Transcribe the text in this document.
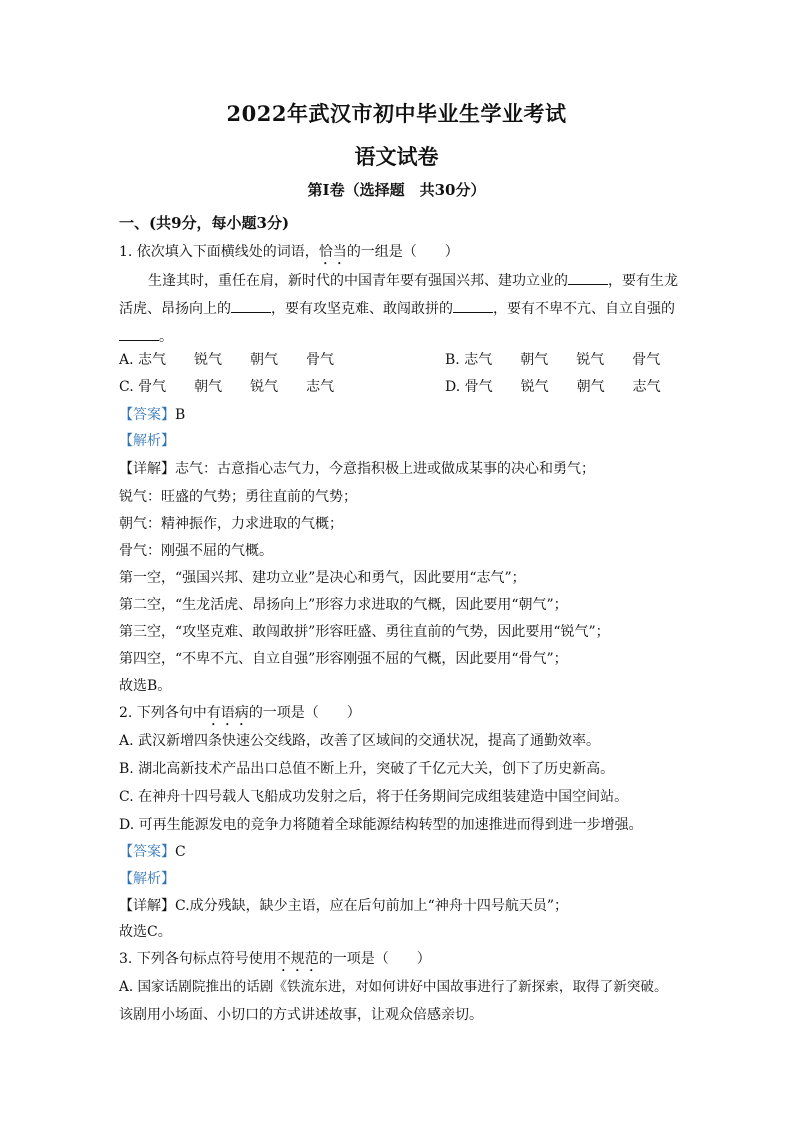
2022年武汉市初中毕业生学业考试
语文试卷
第Ⅰ卷（选择题　共30分）
一、(共9分，每小题3分)
1. 依次填入下面横线处的词语，恰当的一组是（　　）
生逢其时，重任在肩，新时代的中国青年要有强国兴邦、建功立业的	，要有生龙
活虎、昂扬向上的	，要有攻坚克难、敢闯敢拼的	，要有不卑不亢、自立自强的
。
A. 志气　　锐气　　朝气　　骨气	B. 志气　　朝气　　锐气　　骨气
C. 骨气　　朝气　　锐气　　志气	D. 骨气　　锐气　　朝气　　志气
【答案】B
【解析】
【详解】志气：古意指心志气力，今意指积极上进或做成某事的决心和勇气；
锐气：旺盛的气势；勇往直前的气势；
朝气：精神振作，力求进取的气概；
骨气：刚强不屈的气概。
第一空，“强国兴邦、建功立业”是决心和勇气，因此要用“志气”；
第二空，“生龙活虎、昂扬向上”形容力求进取的气概，因此要用“朝气”；
第三空，“攻坚克难、敢闯敢拼”形容旺盛、勇往直前的气势，因此要用“锐气”；
第四空，“不卑不亢、自立自强”形容刚强不屈的气概，因此要用“骨气”；
故选B。
2. 下列各句中有语病的一项是（　　）
A. 武汉新增四条快速公交线路，改善了区域间的交通状况，提高了通勤效率。
B. 湖北高新技术产品出口总值不断上升，突破了千亿元大关，创下了历史新高。
C. 在神舟十四号载人飞船成功发射之后，将于任务期间完成组装建造中国空间站。
D. 可再生能源发电的竞争力将随着全球能源结构转型的加速推进而得到进一步增强。
【答案】C
【解析】
【详解】C.成分残缺，缺少主语，应在后句前加上“神舟十四号航天员”；
故选C。
3. 下列各句标点符号使用不规范的一项是（　　）
A. 国家话剧院推出的话剧《铁流东进，对如何讲好中国故事进行了新探索，取得了新突破。
该剧用小场面、小切口的方式讲述故事，让观众倍感亲切。
